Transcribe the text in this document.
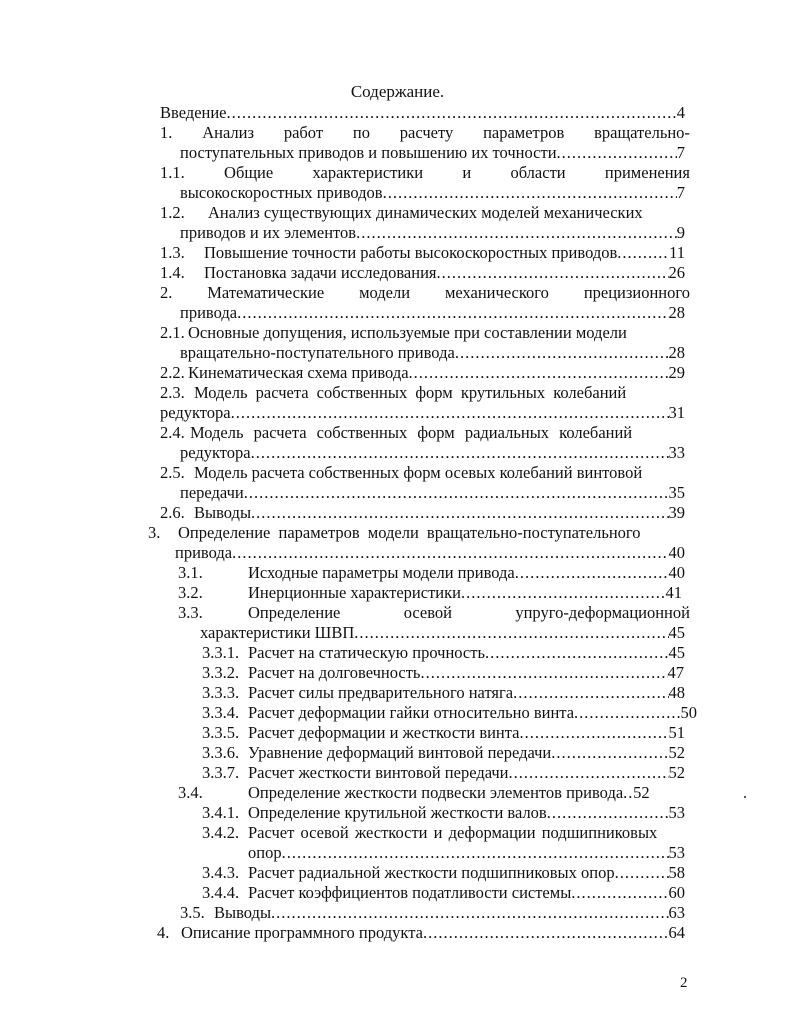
Содержание.
Введение .....	4
1. Анализ работ по расчету параметров вращательно-
поступательных приводов и повышению их точности .....	7
1.1. Общие характеристики и области применения
высокоскоростных приводов .....	7
1.2.	Анализ существующих динамических моделей механических
приводов и их элементов .....	9
1.3.	Повышение точности работы высокоскоростных приводов .....	11
1.4.	Постановка задачи исследования .....	26
2. Математические модели механического прецизионного
привода .....	28
2.1. Основные допущения, используемые при составлении модели
вращательно-поступательного привода .....	28
2.2. Кинематическая схема привода .....	29
2.3. Модель расчета собственных форм крутильных колебаний
редуктора .....	31
2.4. Модель расчета собственных форм радиальных колебаний
редуктора .....	33
2.5. Модель расчета собственных форм осевых колебаний винтовой
передачи .....	35
2.6. Выводы .....	39
3.	Определение параметров модели вращательно-поступательного
привода .....	40
3.1.	Исходные параметры модели привода .....	40
3.2.	Инерционные характеристики .....	41
3.3.	Определение	осевой	упруго-деформационной
характеристики ШВП .....	45
3.3.1. Расчет на статическую прочность .....	45
3.3.2. Расчет на долговечность .....	47
3.3.3. Расчет силы предварительного натяга .....	48
3.3.4. Расчет деформации гайки относительно винта .....	50
3.3.5. Расчет деформации и жесткости винта .....	51
3.3.6. Уравнение деформаций винтовой передачи .....	52
3.3.7. Расчет жесткости винтовой передачи .....	52
3.4.	Определение жесткости подвески элементов привода ..... 52
3.4.1. Определение крутильной жесткости валов .....	53
3.4.2. Расчет осевой жесткости и деформации подшипниковых
опор .....	53
3.4.3. Расчет радиальной жесткости подшипниковых опор .....	58
3.4.4. Расчет коэффициентов податливости системы .....	60
3.5. Выводы .....	63
4. Описание программного продукта .....	64
2
